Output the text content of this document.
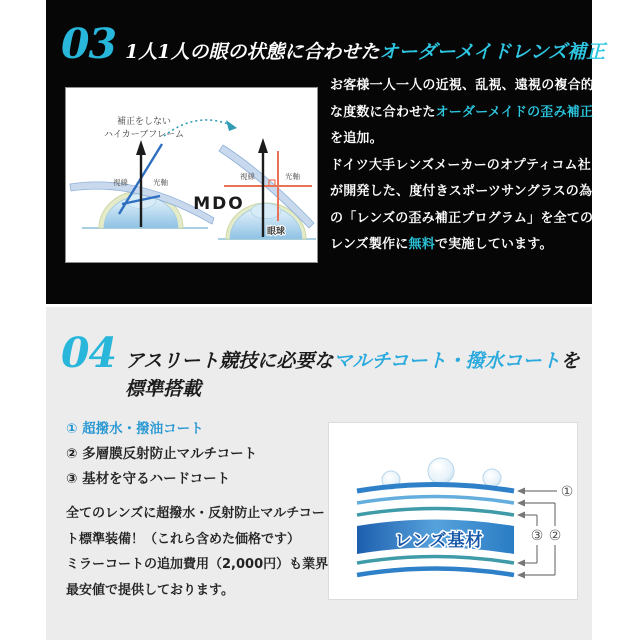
03 1人1人の眼の状態に合わせたオーダーメイドレンズ補正
補正をしない
ハイカーブフレーム
視線	光軸
視線	光軸
MDO
眼球

お客様一人一人の近視、乱視、遠視の複合的な度数に合わせたオーダーメイドの歪み補正を追加。

ドイツ大手レンズメーカーのオプティコム社が開発した、度付きスポーツサングラスの為の「レンズの歪み補正プログラム」を全てのレンズ製作に無料で実施しています。

04 アスリート競技に必要なマルチコート・撥水コートを
標準搭載
① 超撥水・撥油コート
② 多層膜反射防止マルチコート
③ 基材を守るハードコート

全てのレンズに超撥水・反射防止マルチコート標準装備！（これら含めた価格です）

ミラーコートの追加費用（2,000円）も業界最安値で提供しております。

レンズ基材
①
③ ②
